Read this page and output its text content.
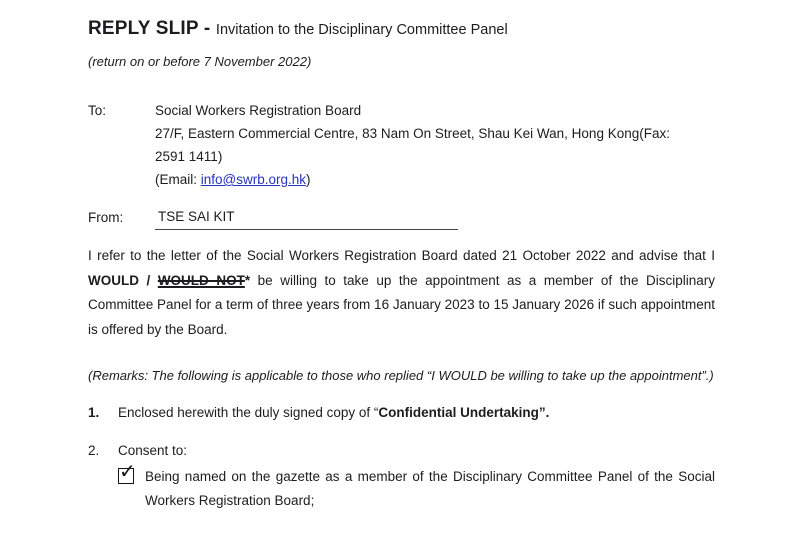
REPLY SLIP - Invitation to the Disciplinary Committee Panel
(return on or before 7 November 2022)
To:	Social Workers Registration Board
27/F, Eastern Commercial Centre, 83 Nam On Street, Shau Kei Wan, Hong Kong(Fax:
2591 1411)
(Email: info@swrb.org.hk)
From:	TSE SAI KIT
I refer to the letter of the Social Workers Registration Board dated 21 October 2022 and advise that I WOULD / WOULD NOT* be willing to take up the appointment as a member of the Disciplinary Committee Panel for a term of three years from 16 January 2023 to 15 January 2026 if such appointment is offered by the Board.
(Remarks: The following is applicable to those who replied “I WOULD be willing to take up the appointment”.)
1.	Enclosed herewith the duly signed copy of “Confidential Undertaking”.
2.	Consent to:
✓ Being named on the gazette as a member of the Disciplinary Committee Panel of the Social Workers Registration Board;
